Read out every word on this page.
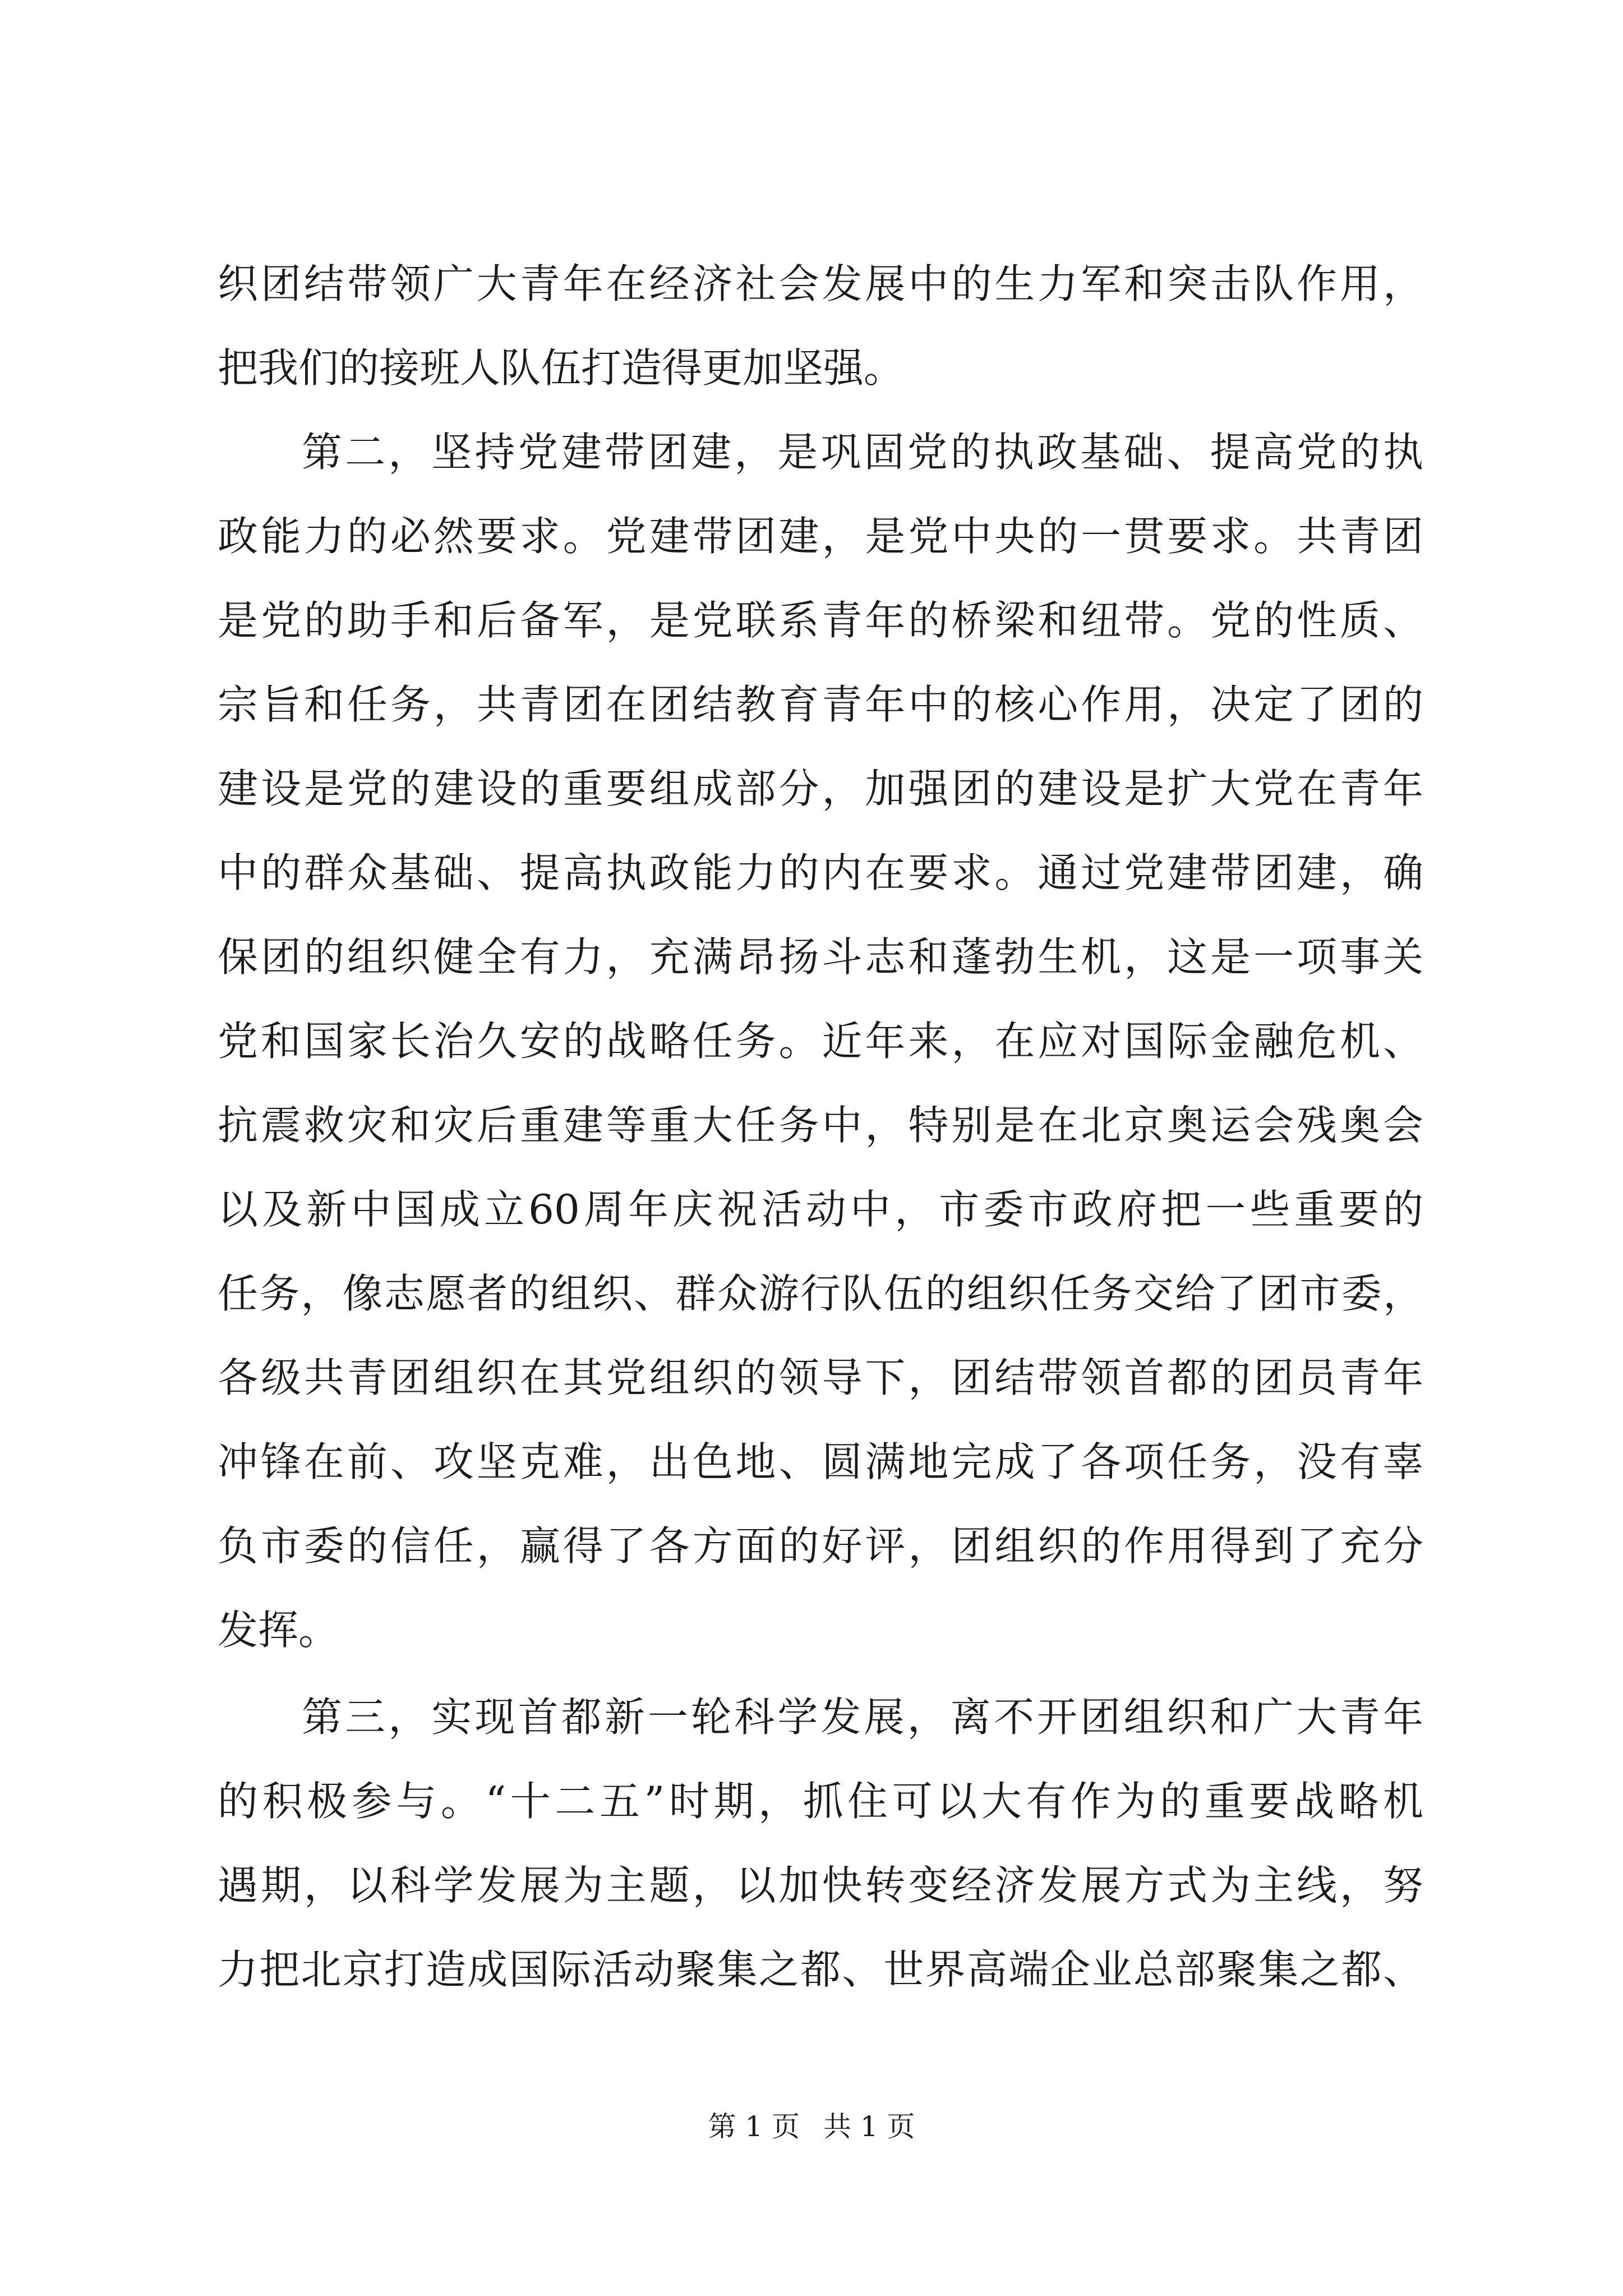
织团结带领广大青年在经济社会发展中的生力军和突击队作用，
把我们的接班人队伍打造得更加坚强。
第二，坚持党建带团建，是巩固党的执政基础、提高党的执
政能力的必然要求。党建带团建，是党中央的一贯要求。共青团
是党的助手和后备军，是党联系青年的桥梁和纽带。党的性质、
宗旨和任务，共青团在团结教育青年中的核心作用，决定了团的
建设是党的建设的重要组成部分，加强团的建设是扩大党在青年
中的群众基础、提高执政能力的内在要求。通过党建带团建，确
保团的组织健全有力，充满昂扬斗志和蓬勃生机，这是一项事关
党和国家长治久安的战略任务。近年来，在应对国际金融危机、
抗震救灾和灾后重建等重大任务中，特别是在北京奥运会残奥会
以及新中国成立60周年庆祝活动中，市委市政府把一些重要的
任务，像志愿者的组织、群众游行队伍的组织任务交给了团市委，
各级共青团组织在其党组织的领导下，团结带领首都的团员青年
冲锋在前、攻坚克难，出色地、圆满地完成了各项任务，没有辜
负市委的信任，赢得了各方面的好评，团组织的作用得到了充分
发挥。
第三，实现首都新一轮科学发展，离不开团组织和广大青年
的积极参与。“十二五”时期，抓住可以大有作为的重要战略机
遇期，以科学发展为主题，以加快转变经济发展方式为主线，努
力把北京打造成国际活动聚集之都、世界高端企业总部聚集之都、
第 1 页 共 1 页
